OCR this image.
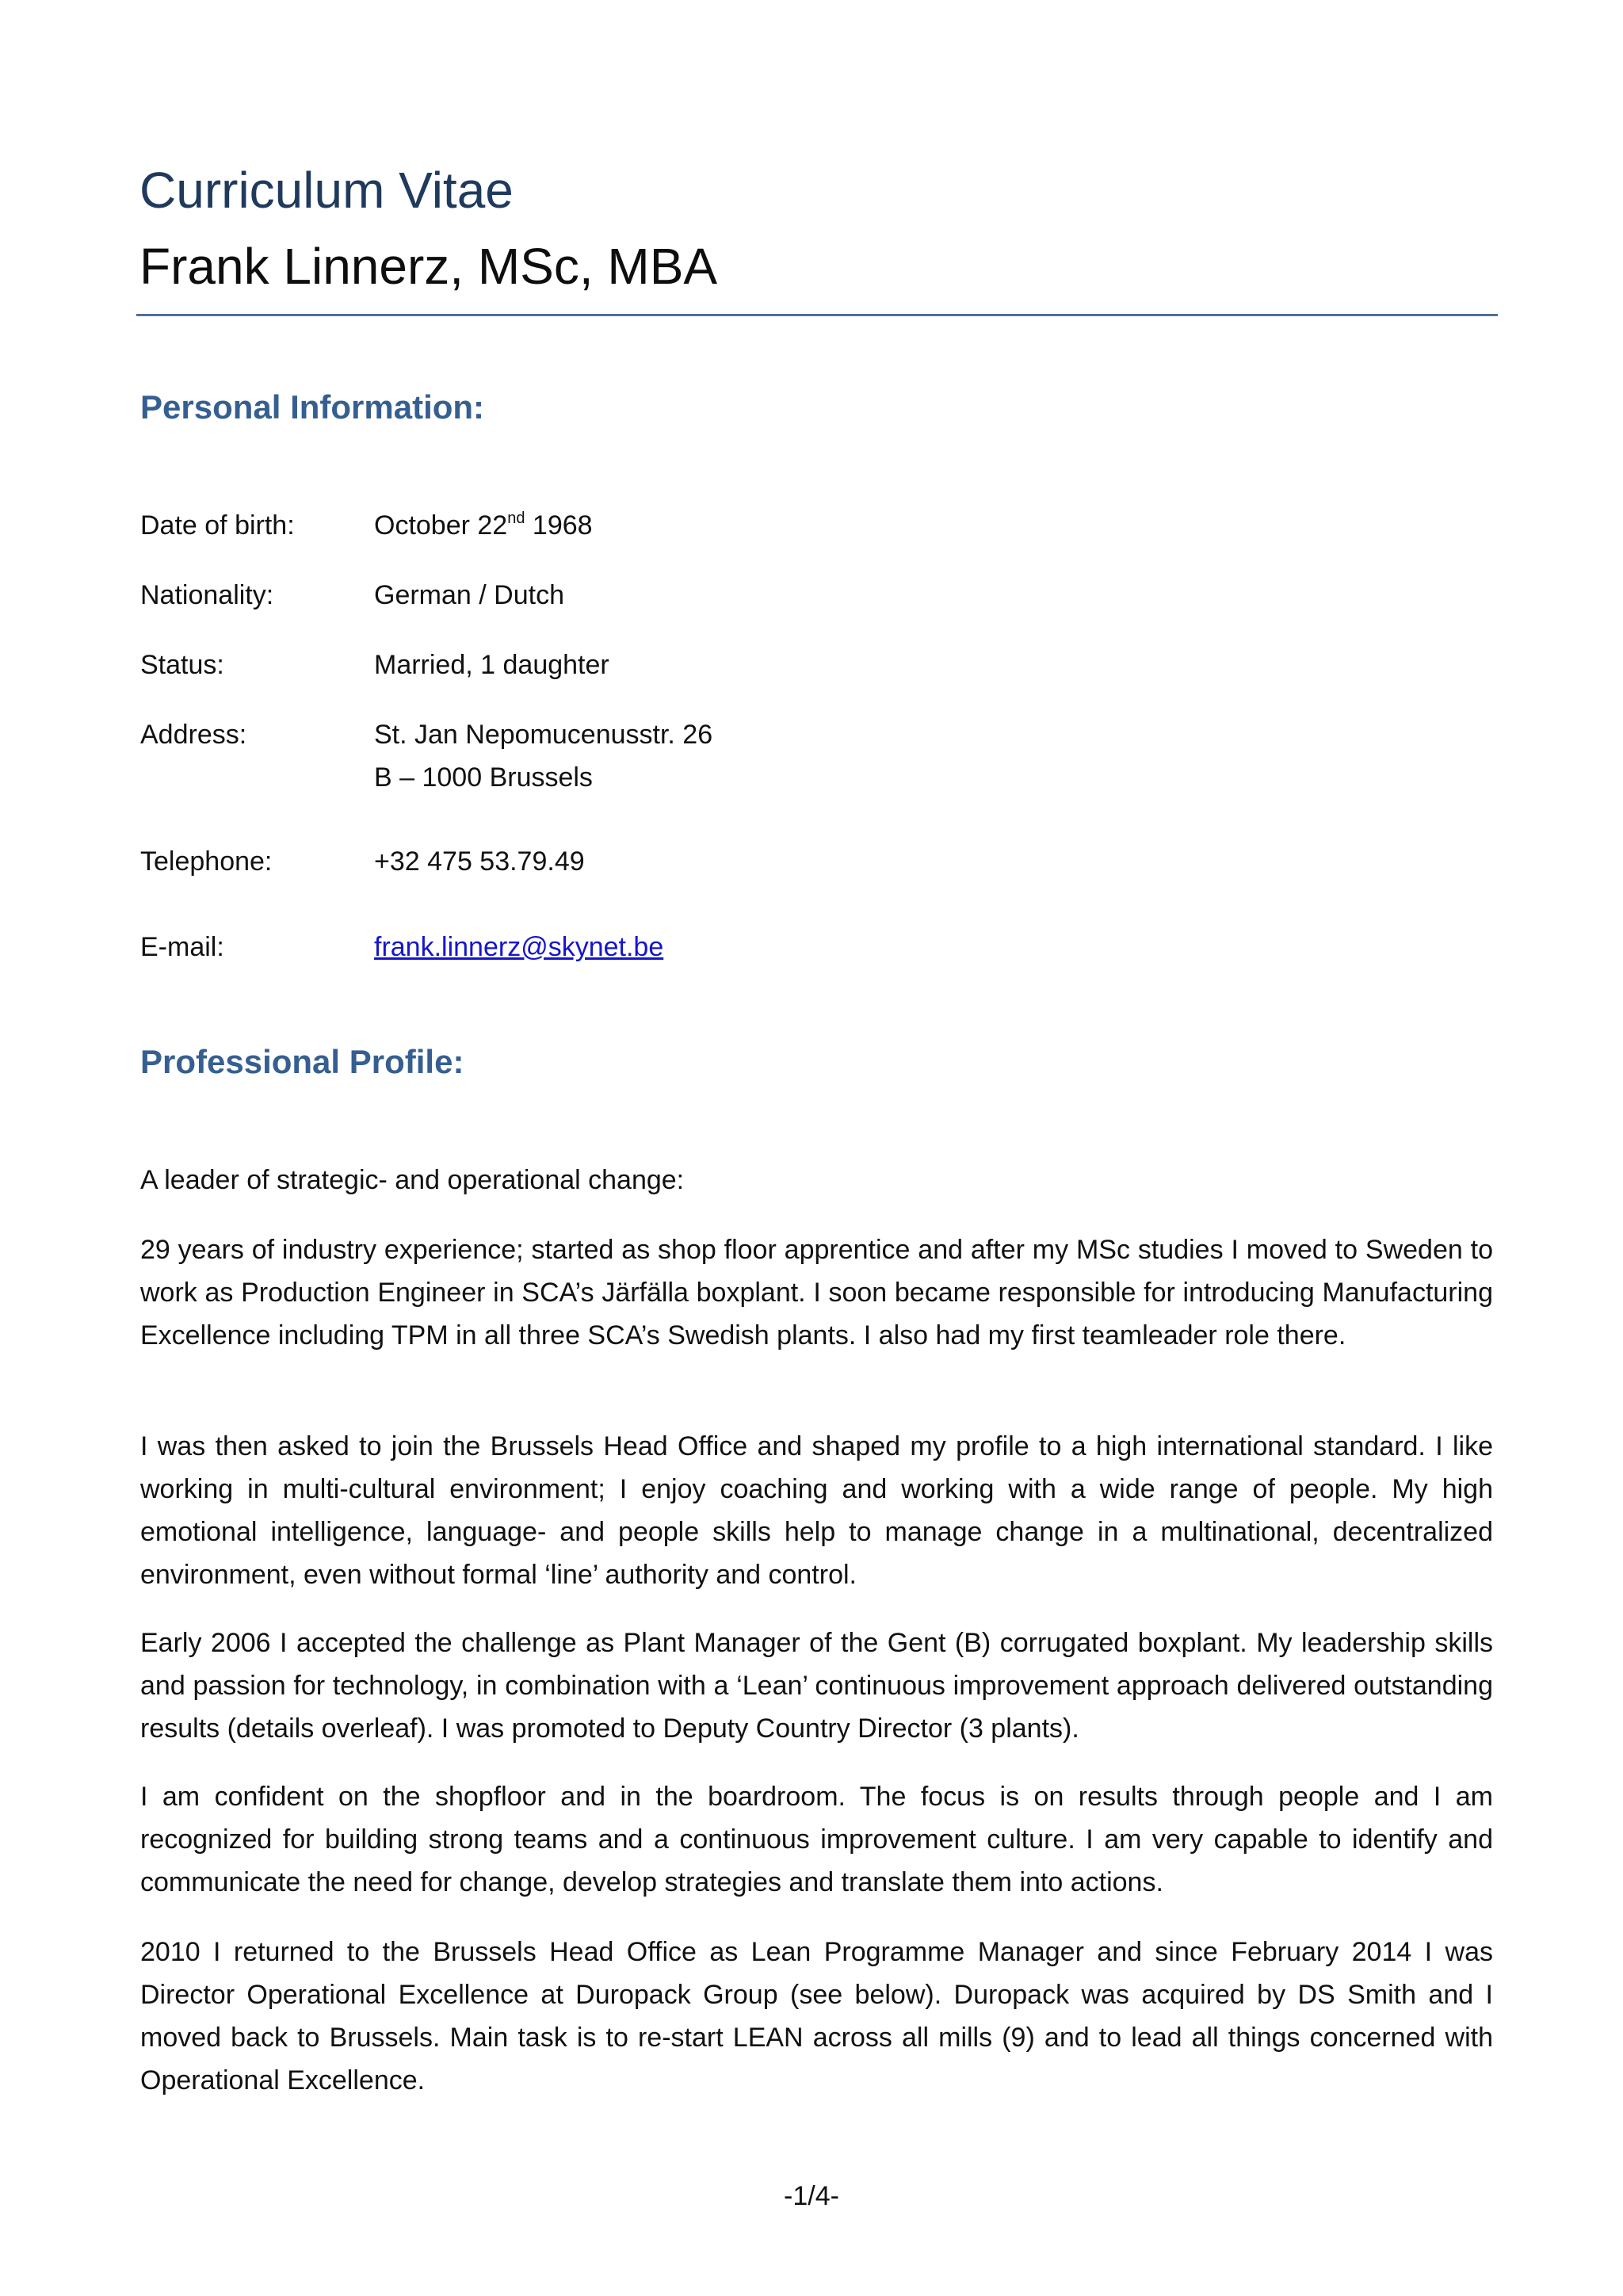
Curriculum Vitae
Frank Linnerz, MSc, MBA
Personal Information:
Date of birth:	October 22nd 1968
Nationality:	German / Dutch
Status:	Married, 1 daughter
Address:	St. Jan Nepomucenusstr. 26
B – 1000 Brussels
Telephone:	+32 475 53.79.49
E-mail:	frank.linnerz@skynet.be
Professional Profile:

A leader of strategic- and operational change:

29 years of industry experience; started as shop floor apprentice and after my MSc studies I moved to Sweden to work as Production Engineer in SCA’s Järfälla boxplant. I soon became responsible for introducing Manufacturing Excellence including TPM in all three SCA’s Swedish plants. I also had my first teamleader role there.

I was then asked to join the Brussels Head Office and shaped my profile to a high international standard. I like working in multi-cultural environment; I enjoy coaching and working with a wide range of people. My high emotional intelligence, language- and people skills help to manage change in a multinational, decentralized environment, even without formal ‘line’ authority and control.

Early 2006 I accepted the challenge as Plant Manager of the Gent (B) corrugated boxplant. My leadership skills and passion for technology, in combination with a ‘Lean’ continuous improvement approach delivered outstanding results (details overleaf). I was promoted to Deputy Country Director (3 plants).

I am confident on the shopfloor and in the boardroom. The focus is on results through people and I am recognized for building strong teams and a continuous improvement culture. I am very capable to identify and communicate the need for change, develop strategies and translate them into actions.

2010 I returned to the Brussels Head Office as Lean Programme Manager and since February 2014 I was Director Operational Excellence at Duropack Group (see below). Duropack was acquired by DS Smith and I moved back to Brussels. Main task is to re-start LEAN across all mills (9) and to lead all things concerned with Operational Excellence.

-1/4-
